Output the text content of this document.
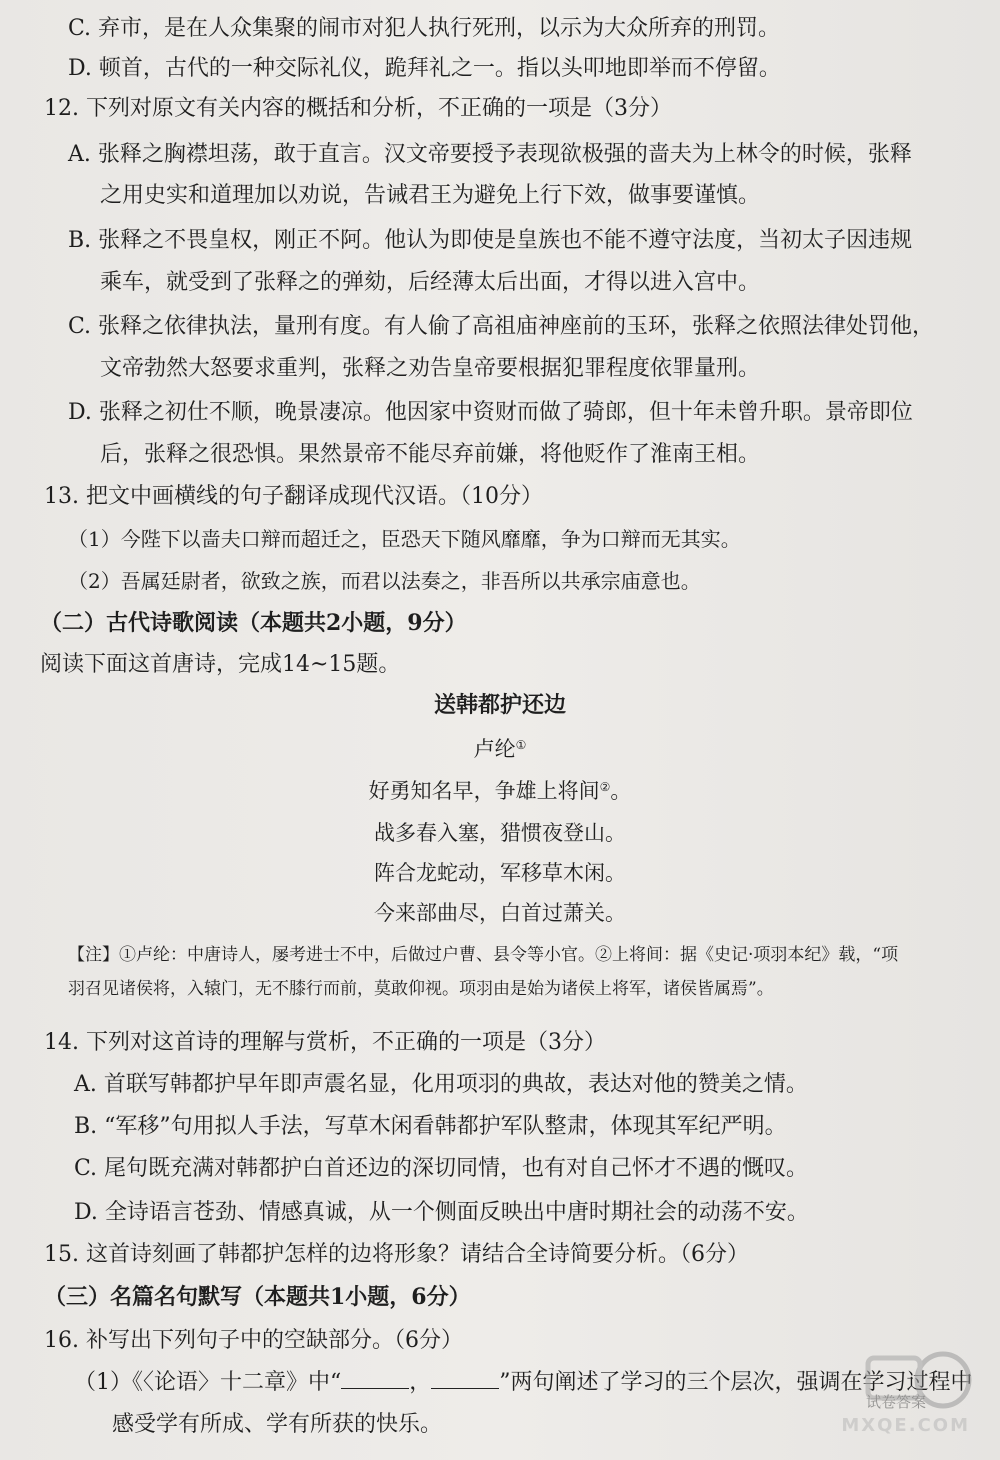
C. 弃市，是在人众集聚的闹市对犯人执行死刑，以示为大众所弃的刑罚。
D. 顿首，古代的一种交际礼仪，跪拜礼之一。指以头叩地即举而不停留。
12. 下列对原文有关内容的概括和分析，不正确的一项是（3分）
A. 张释之胸襟坦荡，敢于直言。汉文帝要授予表现欲极强的啬夫为上林令的时候，张释
之用史实和道理加以劝说，告诫君王为避免上行下效，做事要谨慎。
B. 张释之不畏皇权，刚正不阿。他认为即使是皇族也不能不遵守法度，当初太子因违规
乘车，就受到了张释之的弹劾，后经薄太后出面，才得以进入宫中。
C. 张释之依律执法，量刑有度。有人偷了高祖庙神座前的玉环，张释之依照法律处罚他，
文帝勃然大怒要求重判，张释之劝告皇帝要根据犯罪程度依罪量刑。
D. 张释之初仕不顺，晚景凄凉。他因家中资财而做了骑郎，但十年未曾升职。景帝即位
后，张释之很恐惧。果然景帝不能尽弃前嫌，将他贬作了淮南王相。
13. 把文中画横线的句子翻译成现代汉语。（10分）
（1）今陛下以啬夫口辩而超迁之，臣恐天下随风靡靡，争为口辩而无其实。
（2）吾属廷尉者，欲致之族，而君以法奏之，非吾所以共承宗庙意也。
（二）古代诗歌阅读（本题共2小题，9分）
阅读下面这首唐诗，完成14~15题。
送韩都护还边
卢纶①
好勇知名早，争雄上将间②。
战多春入塞，猎惯夜登山。
阵合龙蛇动，军移草木闲。
今来部曲尽，白首过萧关。
【注】①卢纶：中唐诗人，屡考进士不中，后做过户曹、县令等小官。②上将间：据《史记·项羽本纪》载，“项
羽召见诸侯将，入辕门，无不膝行而前，莫敢仰视。项羽由是始为诸侯上将军，诸侯皆属焉”。
14. 下列对这首诗的理解与赏析，不正确的一项是（3分）
A. 首联写韩都护早年即声震名显，化用项羽的典故，表达对他的赞美之情。
B. “军移”句用拟人手法，写草木闲看韩都护军队整肃，体现其军纪严明。
C. 尾句既充满对韩都护白首还边的深切同情，也有对自己怀才不遇的慨叹。
D. 全诗语言苍劲、情感真诚，从一个侧面反映出中唐时期社会的动荡不安。
15. 这首诗刻画了韩都护怎样的边将形象？请结合全诗简要分析。（6分）
（三）名篇名句默写（本题共1小题，6分）
16. 补写出下列句子中的空缺部分。（6分）
（1）《〈论语〉十二章》中“	，	”两句阐述了学习的三个层次，强调在学习过程中
感受学有所成、学有所获的快乐。
试卷答案
MXQE.COM
